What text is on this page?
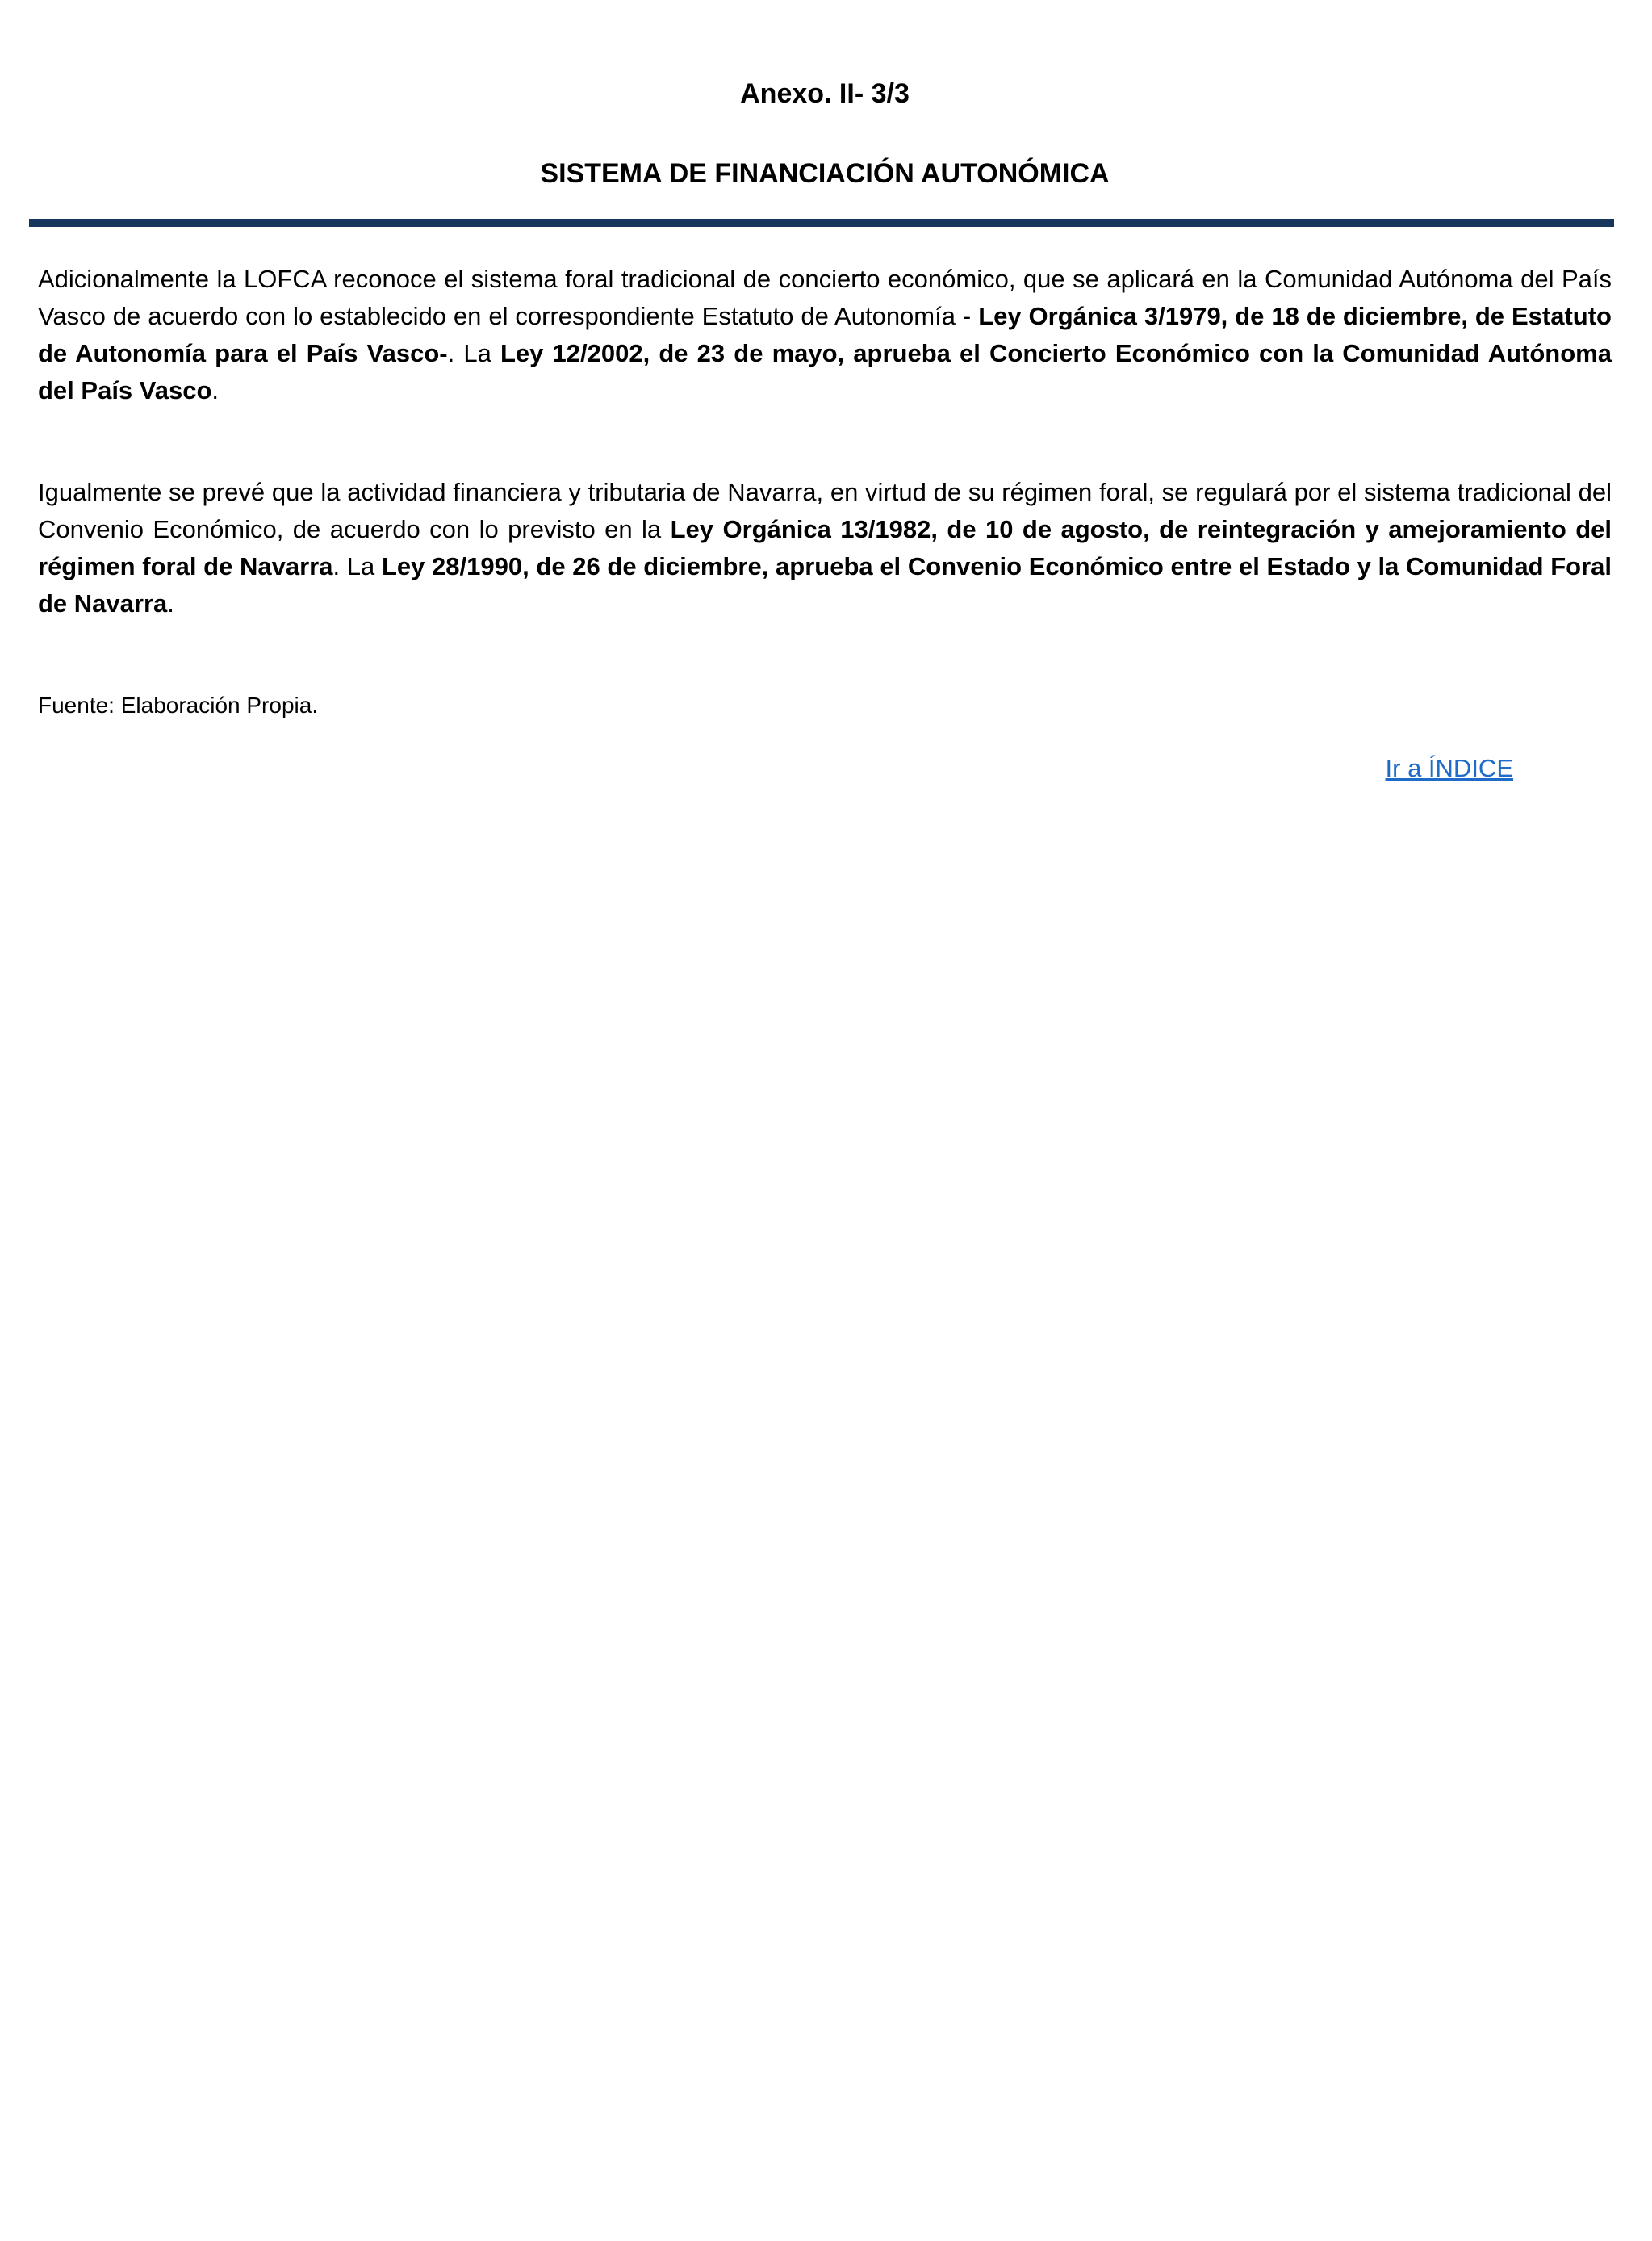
Anexo. II- 3/3
SISTEMA DE FINANCIACIÓN AUTONÓMICA

Adicionalmente la LOFCA reconoce el sistema foral tradicional de concierto económico, que se aplicará en la Comunidad Autónoma del País Vasco de acuerdo con lo establecido en el correspondiente Estatuto de Autonomía - Ley Orgánica 3/1979, de 18 de diciembre, de Estatuto de Autonomía para el País Vasco-. La Ley 12/2002, de 23 de mayo, aprueba el Concierto Económico con la Comunidad Autónoma del País Vasco.

Igualmente se prevé que la actividad financiera y tributaria de Navarra, en virtud de su régimen foral, se regulará por el sistema tradicional del Convenio Económico, de acuerdo con lo previsto en la Ley Orgánica 13/1982, de 10 de agosto, de reintegración y amejoramiento del régimen foral de Navarra. La Ley 28/1990, de 26 de diciembre, aprueba el Convenio Económico entre el Estado y la Comunidad Foral de Navarra.

Fuente: Elaboración Propia.

Ir a ÍNDICE
